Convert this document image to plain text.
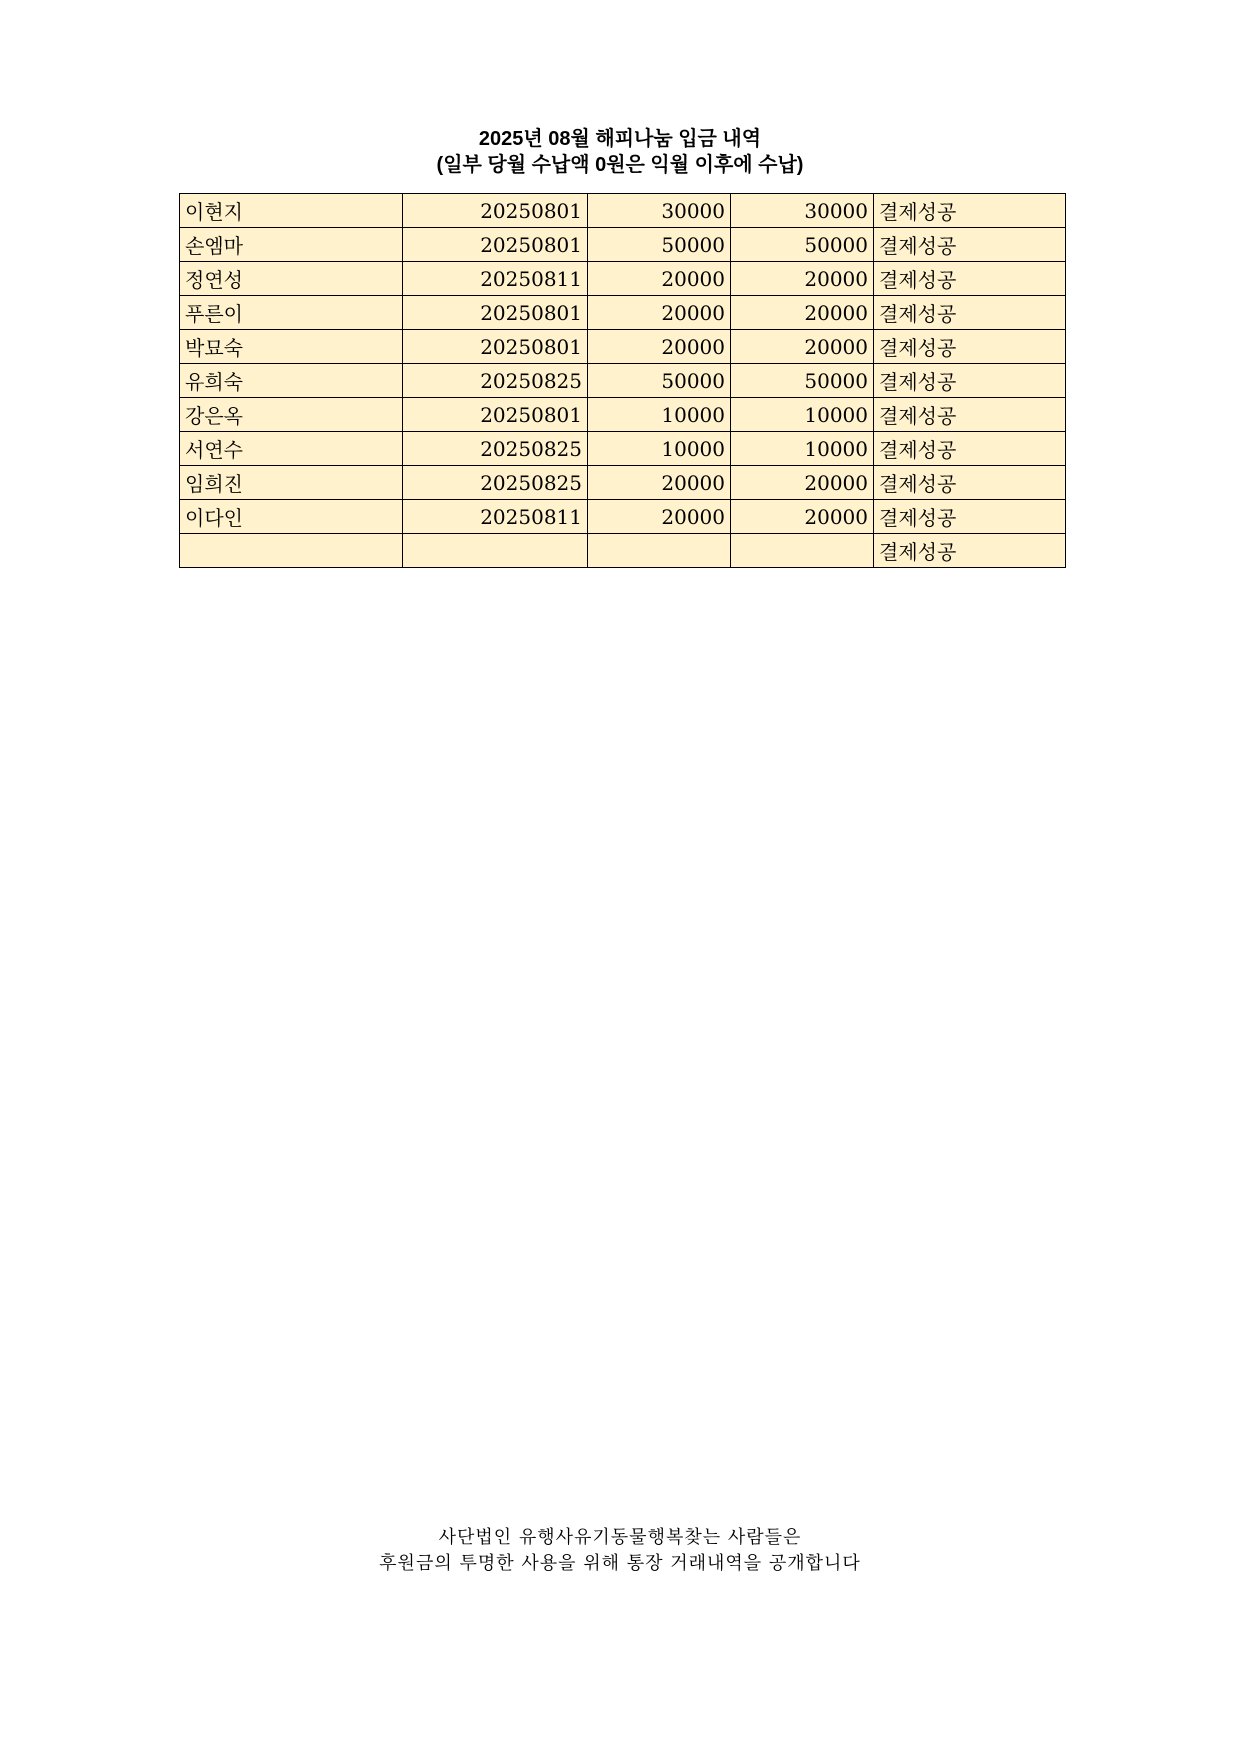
2025년 08월 해피나눔 입금 내역

(일부 당월 수납액 0원은 익월 이후에 수납)

이현지	20250801	30000	30000	결제성공
손엠마	20250801	50000	50000	결제성공
정연성	20250811	20000	20000	결제성공
푸른이	20250801	20000	20000	결제성공
박묘숙	20250801	20000	20000	결제성공
유희숙	20250825	50000	50000	결제성공
강은옥	20250801	10000	10000	결제성공
서연수	20250825	10000	10000	결제성공
임희진	20250825	20000	20000	결제성공
이다인	20250811	20000	20000	결제성공
				결제성공

사단법인 유행사유기동물행복찾는 사람들은

후원금의 투명한 사용을 위해 통장 거래내역을 공개합니다
